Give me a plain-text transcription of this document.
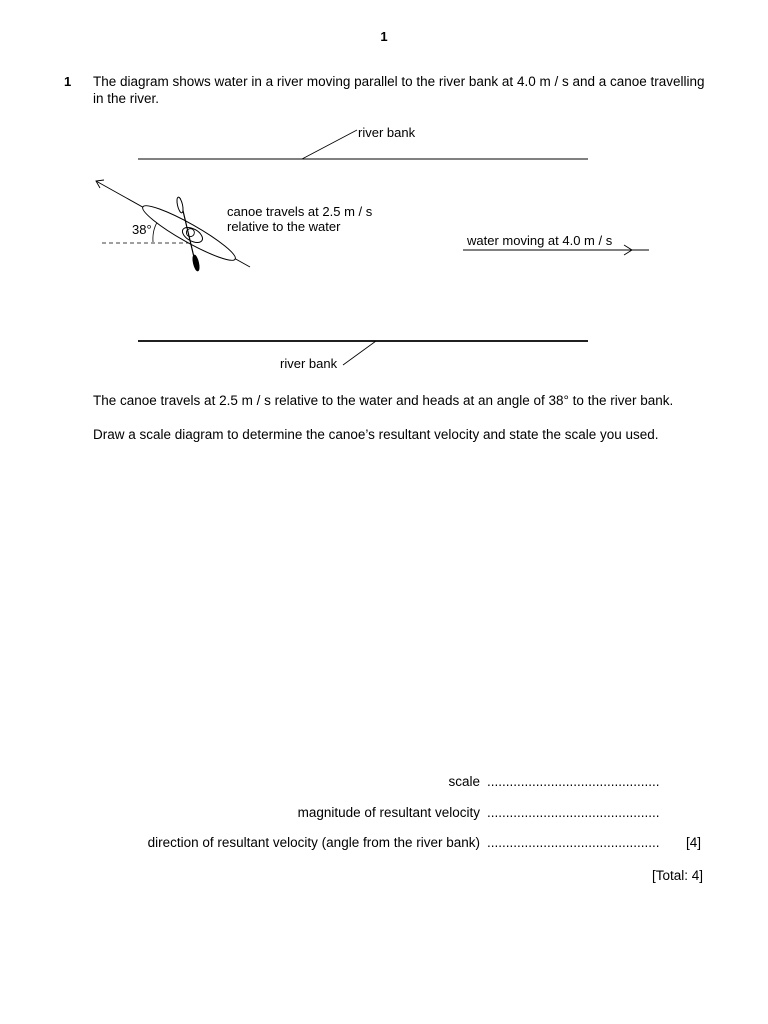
1
1 The diagram shows water in a river moving parallel to the river bank at 4.0 m / s and a canoe travelling in the river.
river bank
river bank
38°
canoe travels at 2.5 m / s
relative to the water
water moving at 4.0 m / s
The canoe travels at 2.5 m / s relative to the water and heads at an angle of 38° to the river bank.
Draw a scale diagram to determine the canoe’s resultant velocity and state the scale you used.
scale ..............................................
magnitude of resultant velocity ..............................................
direction of resultant velocity (angle from the river bank) .............................................. [4]
[Total: 4]
